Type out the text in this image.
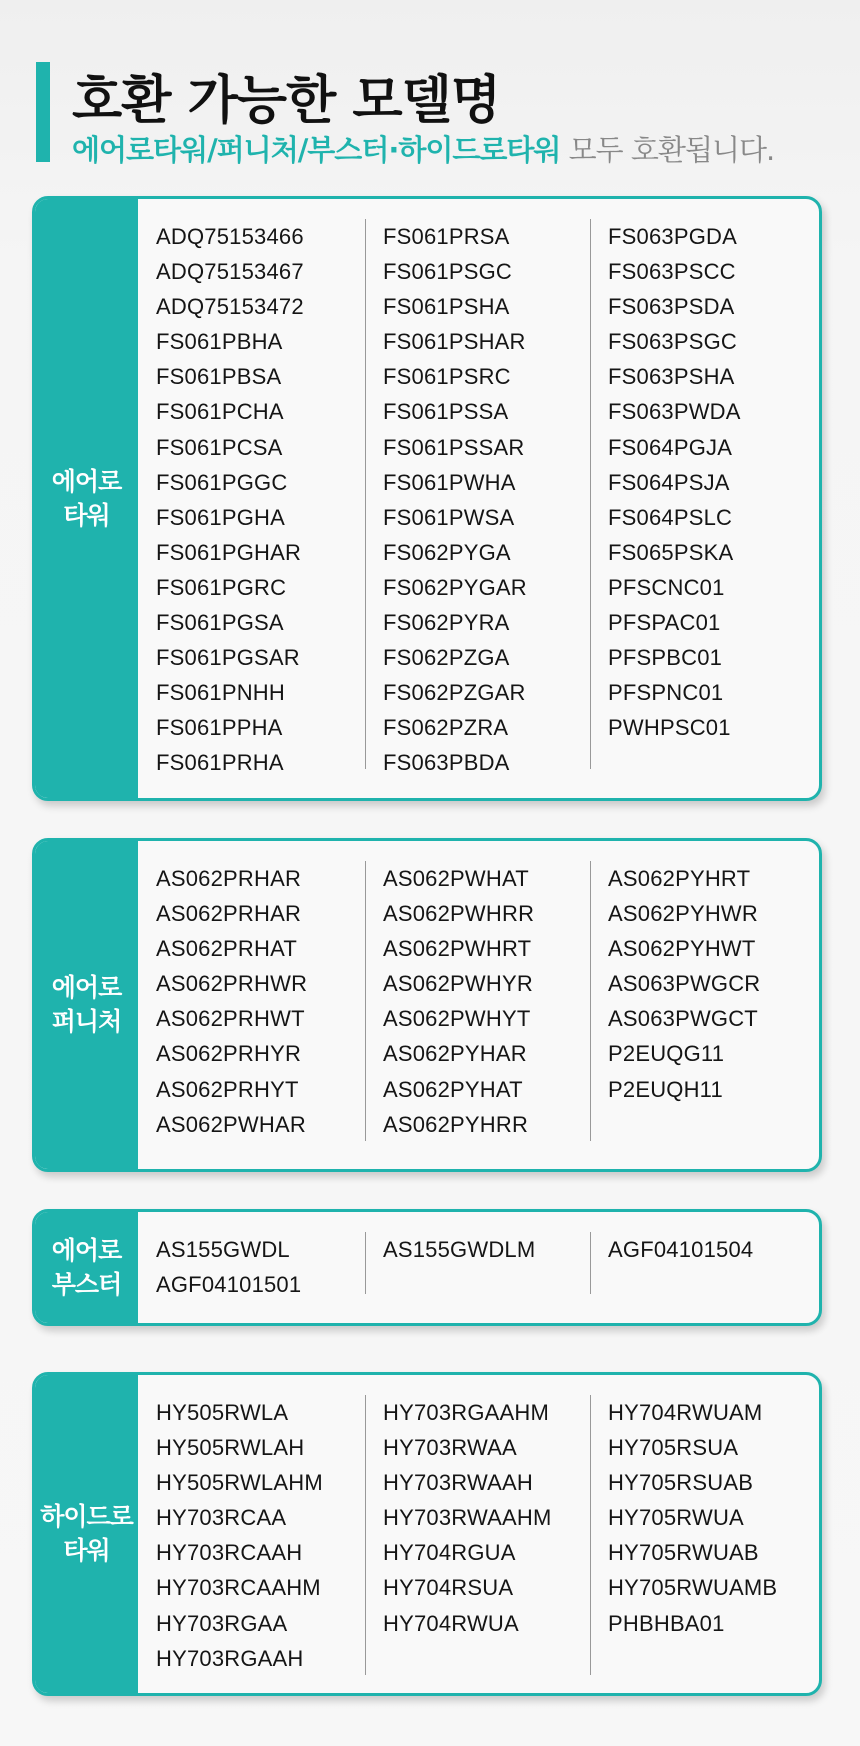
호환 가능한 모델명
에어로타워/퍼니처/부스터·하이드로타워 모두 호환됩니다.
에어로
타워
ADQ75153466
ADQ75153467
ADQ75153472
FS061PBHA
FS061PBSA
FS061PCHA
FS061PCSA
FS061PGGC
FS061PGHA
FS061PGHAR
FS061PGRC
FS061PGSA
FS061PGSAR
FS061PNHH
FS061PPHA
FS061PRHA
FS061PRSA
FS061PSGC
FS061PSHA
FS061PSHAR
FS061PSRC
FS061PSSA
FS061PSSAR
FS061PWHA
FS061PWSA
FS062PYGA
FS062PYGAR
FS062PYRA
FS062PZGA
FS062PZGAR
FS062PZRA
FS063PBDA
FS063PGDA
FS063PSCC
FS063PSDA
FS063PSGC
FS063PSHA
FS063PWDA
FS064PGJA
FS064PSJA
FS064PSLC
FS065PSKA
PFSCNC01
PFSPAC01
PFSPBC01
PFSPNC01
PWHPSC01
에어로
퍼니처
AS062PRHAR
AS062PRHAR
AS062PRHAT
AS062PRHWR
AS062PRHWT
AS062PRHYR
AS062PRHYT
AS062PWHAR
AS062PWHAT
AS062PWHRR
AS062PWHRT
AS062PWHYR
AS062PWHYT
AS062PYHAR
AS062PYHAT
AS062PYHRR
AS062PYHRT
AS062PYHWR
AS062PYHWT
AS063PWGCR
AS063PWGCT
P2EUQG11
P2EUQH11
에어로
부스터
AS155GWDL
AGF04101501
AS155GWDLM	AGF04101504
하이드로
타워
HY505RWLA
HY505RWLAH
HY505RWLAHM
HY703RCAA
HY703RCAAH
HY703RCAAHM
HY703RGAA
HY703RGAAH
HY703RGAAHM
HY703RWAA
HY703RWAAH
HY703RWAAHM
HY704RGUA
HY704RSUA
HY704RWUA
HY704RWUAM
HY705RSUA
HY705RSUAB
HY705RWUA
HY705RWUAB
HY705RWUAMB
PHBHBA01
